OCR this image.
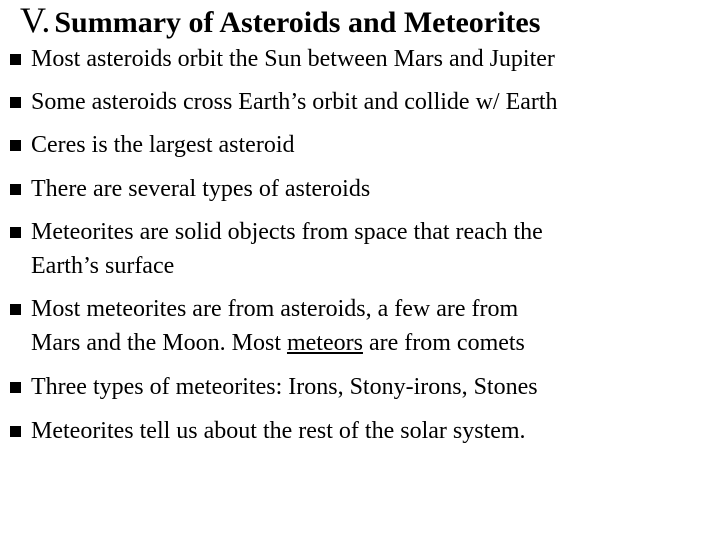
V. Summary of Asteroids and Meteorites
Most asteroids orbit the Sun between Mars and Jupiter
Some asteroids cross Earth’s orbit and collide w/ Earth
Ceres is the largest asteroid
There are several types of asteroids
Meteorites are solid objects from space that reach the
Earth’s surface
Most meteorites are from asteroids, a few are from
Mars and the Moon. Most meteors are from comets
Three types of meteorites: Irons, Stony-irons, Stones
Meteorites tell us about the rest of the solar system.
